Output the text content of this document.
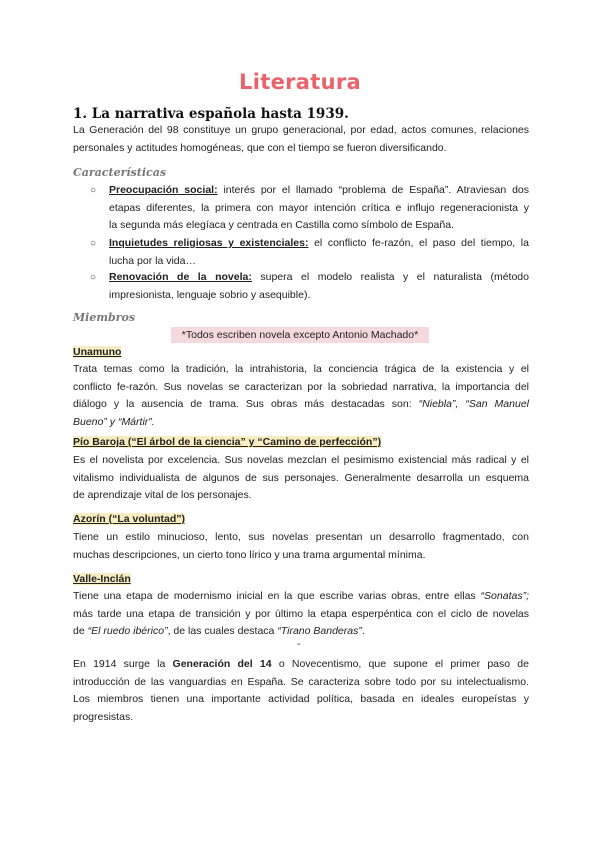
Literatura
1. La narrativa española hasta 1939.
La Generación del 98 constituye un grupo generacional, por edad, actos comunes, relaciones
personales y actitudes homogéneas, que con el tiempo se fueron diversificando.
Características
○ Preocupación social: interés por el llamado “problema de España”. Atraviesan dos
etapas diferentes, la primera con mayor intención crítica e influjo regeneracionista y
la segunda más elegíaca y centrada en Castilla como símbolo de España.
○ Inquietudes religiosas y existenciales: el conflicto fe-razón, el paso del tiempo, la
lucha por la vida…
○ Renovación de la novela: supera el modelo realista y el naturalista (método
impresionista, lenguaje sobrio y asequible).
Miembros
*Todos escriben novela excepto Antonio Machado*
Unamuno
Trata temas como la tradición, la intrahistoria, la conciencia trágica de la existencia y el
conflicto fe-razón. Sus novelas se caracterizan por la sobriedad narrativa, la importancia del
diálogo y la ausencia de trama. Sus obras más destacadas son: “Niebla”, “San Manuel
Bueno” y “Mártir”.
Pío Baroja (“El árbol de la ciencia” y “Camino de perfección”)
Es el novelista por excelencia. Sus novelas mezclan el pesimismo existencial más radical y el
vitalismo individualista de algunos de sus personajes. Generalmente desarrolla un esquema
de aprendizaje vital de los personajes.
Azorín (“La voluntad”)
Tiene un estilo minucioso, lento, sus novelas presentan un desarrollo fragmentado, con
muchas descripciones, un cierto tono lírico y una trama argumental mínima.
Valle-Inclán
Tiene una etapa de modernismo inicial en la que escribe varias obras, entre ellas “Sonatas”;
más tarde una etapa de transición y por último la etapa esperpéntica con el ciclo de novelas
de “El ruedo ibérico”, de las cuales destaca “Tirano Banderas”.
-
En 1914 surge la Generación del 14 o Novecentismo, que supone el primer paso de
introducción de las vanguardias en España. Se caracteriza sobre todo por su intelectualismo.
Los miembros tienen una importante actividad política, basada en ideales europeístas y
progresistas.
